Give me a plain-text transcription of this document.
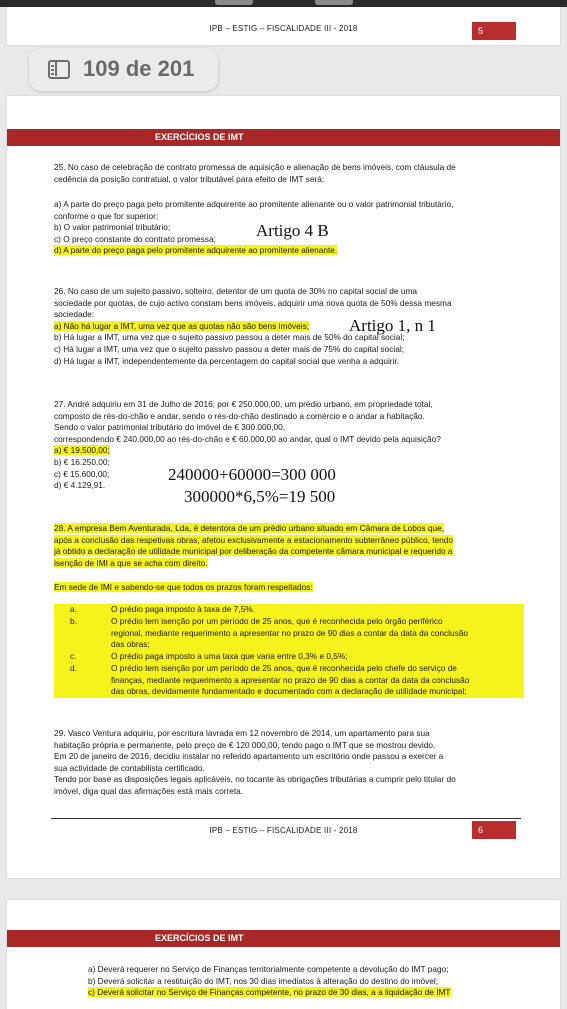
IPB – ESTIG – FISCALIDADE III - 2018	5
109 de 201
EXERCÍCIOS DE IMT
25. No caso de celebração de contrato promessa de aquisição e alienação de bens imóveis, com cláusula de
cedência da posição contratual, o valor tributável para efeito de IMT será:
a) A parte do preço paga pelo promitente adquirente ao promitente alienante ou o valor patrimonial tributário,
conforme o que for superior;
b) O valor patrimonial tributário;
c) O preço constante do contrato promessa;
d) A parte do preço paga pelo promitente adquirente ao promitente alienante.
Artigo 4 B
26. No caso de um sujeito passivo, solteiro, detentor de um quota de 30% no capital social de uma
sociedade por quotas, de cujo activo constam bens imóveis, adquirir uma nova quota de 50% dessa mesma
sociedade:
a) Não há lugar a IMT, uma vez que as quotas não são bens imóveis;
b) Há lugar a IMT, uma vez que o sujeito passivo passou a deter mais de 50% do capital social;
c) Há lugar a IMT, uma vez que o sujeito passivo passou a deter mais de 75% do capital social;
d) Há lugar a IMT, independentemente da percentagem do capital social que venha a adquirir.
Artigo 1, n 1
27. André adquiriu em 31 de Julho de 2016, por € 250.000,00, um prédio urbano, em propriedade total,
composto de rés-do-chão e andar, sendo o rés-do-chão destinado a comércio e o andar a habitação.
Sendo o valor patrimonial tributário do imóvel de € 300.000,00,
correspondendo € 240.000,00 ao rés-do-chão e € 60.000,00 ao andar, qual o IMT devido pela aquisição?
a) € 19.500,00;
b) € 16.250,00;
c) € 15.600,00;
d) € 4.129,91.
240000+60000=300 000
300000*6,5%=19 500
28. A empresa Bem Aventurada, Lda, é detentora de um prédio urbano situado em Câmara de Lobos que,
após a conclusão das respetivas obras, afetou exclusivamente a estacionamento subterrâneo público, tendo
já obtido a declaração de utilidade municipal por deliberação da competente câmara municipal e requerido a
isenção de IMI a que se acha com direito.
Em sede de IMI e sabendo-se que todos os prazos foram respeitados:
a.	O prédio paga imposto à taxa de 7,5%.
b.	O prédio tem isenção por um período de 25 anos, que é reconhecida pelo órgão periférico
regional, mediante requerimento a apresentar no prazo de 90 dias a contar da data da conclusão
das obras;
c.	O prédio paga imposto a uma taxa que varia entre 0,3% e 0,5%;
d.	O prédio tem isenção por um período de 25 anos, que é reconhecida pelo chefe do serviço de
finanças, mediante requerimento a apresentar no prazo de 90 dias a contar da data da conclusão
das obras, devidamente fundamentado e documentado com a declaração de utilidade municipal;
29. Vasco Ventura adquiriu, por escritura lavrada em 12 novembro de 2014, um apartamento para sua
habitação própria e permanente, pelo preço de € 120 000,00, tendo pago o IMT que se mostrou devido.
Em 20 de janeiro de 2016, decidiu instalar no referido apartamento um escritório onde passou a exercer a
sua actividade de contabilista certificado.
Tendo por base as disposições legais aplicáveis, no tocante às obrigações tributárias a cumprir pelo titular do
imóvel, diga qual das afirmações está mais correta.
IPB – ESTIG – FISCALIDADE III - 2018	6
EXERCÍCIOS DE IMT
a) Deverá requerer no Serviço de Finanças territorialmente competente a devolução do IMT pago;
b) Deverá solicitar a restituição do IMT, nos 30 dias imediatos à alteração do destino do imóvel;
c) Deverá solicitar no Serviço de Finanças competente, no prazo de 30 dias, a a liquidação de IMT
